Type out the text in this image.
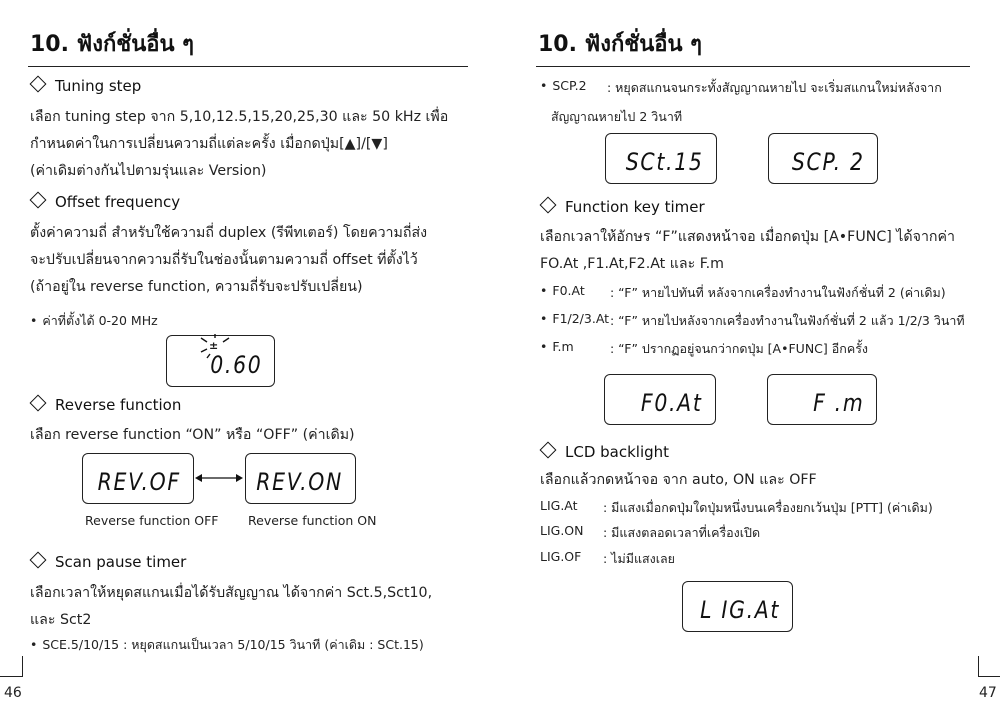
10. ฟังก์ชั่นอื่น ๆ
Tuning step
เลือก tuning step จาก 5,10,12.5,15,20,25,30 และ 50 kHz เพื่อ
กำหนดค่าในการเปลี่ยนความถี่แต่ละครั้ง เมื่อกดปุ่ม[▲]/[▼]
(ค่าเดิมต่างกันไปตามรุ่นและ Version)
Offset frequency
ตั้งค่าความถี่ สำหรับใช้ความถี่ duplex (รีพีทเตอร์) โดยความถี่ส่ง
จะปรับเปลี่ยนจากความถี่รับในช่องนั้นตามความถี่ offset ที่ตั้งไว้
(ถ้าอยู่ใน reverse function, ความถี่รับจะปรับเปลี่ยน)
• ค่าที่ตั้งได้ 0-20 MHz
±
0.60
Reverse function
เลือก reverse function “ON” หรือ “OFF” (ค่าเดิม)
REV.OF	REV.ON
Reverse function OFF Reverse function ON
Scan pause timer
เลือกเวลาให้หยุดสแกนเมื่อได้รับสัญญาณ ได้จากค่า Sct.5,Sct10,
และ Sct2
• SCE.5/10/15 : หยุดสแกนเป็นเวลา 5/10/15 วินาที (ค่าเดิม : SCt.15)
46
10. ฟังก์ชั่นอื่น ๆ
• SCP.2 : หยุดสแกนจนกระทั้งสัญญาณหายไป จะเริ่มสแกนใหม่หลังจาก
สัญญาณหายไป 2 วินาที
SCt.15	SCP. 2
Function key timer
เลือกเวลาให้อักษร “F”แสดงหน้าจอ เมื่อกดปุ่ม [A•FUNC] ได้จากค่า
FO.At ,F1.At,F2.At และ F.m
• F0.At : “F” หายไปทันที่ หลังจากเครื่องทำงานในฟังก์ชั่นที่ 2 (ค่าเดิม)
• F1/2/3.At : “F” หายไปหลังจากเครื่องทำงานในฟังก์ชั่นที่ 2 แล้ว 1/2/3 วินาที
• F.m	: “F” ปรากฏอยู่จนกว่ากดปุ่ม [A•FUNC] อีกครั้ง
F0.At	F .m
LCD backlight
เลือกแล้วกดหน้าจอ จาก auto, ON และ OFF
LIG.At : มีแสงเมื่อกดปุ่มใดปุ่มหนึ่งบนเครื่องยกเว้นปุ่ม [PTT] (ค่าเดิม)
LIG.ON : มีแสงตลอดเวลาที่เครื่องเปิด
LIG.OF : ไม่มีแสงเลย
L IG.At
47
